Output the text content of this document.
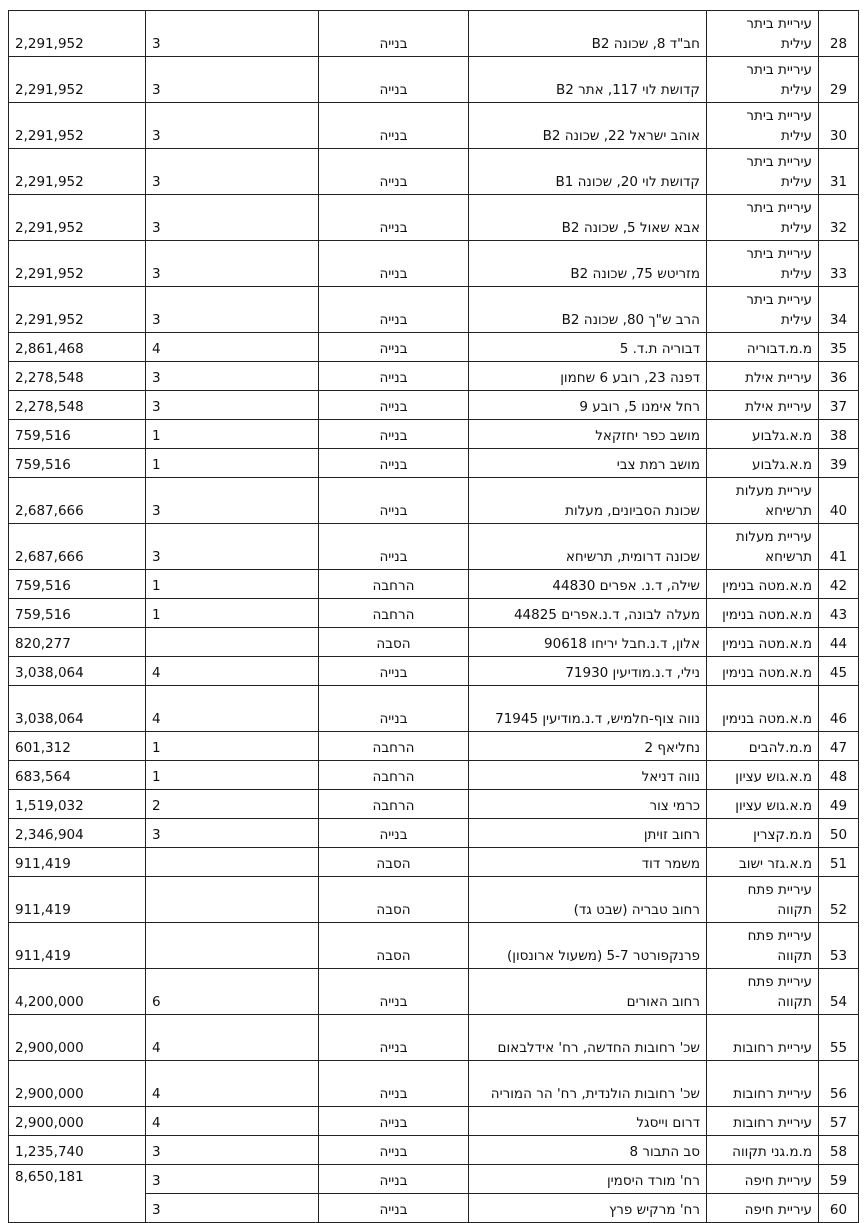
28	עיריית ביתר עילית	חב"ד 8, שכונה B2	בנייה	3	2,291,952
29	עיריית ביתר עילית	קדושת לוי 117, אתר B2	בנייה	3	2,291,952
30	עיריית ביתר עילית	אוהב ישראל 22, שכונה B2	בנייה	3	2,291,952
31	עיריית ביתר עילית	קדושת לוי 20, שכונה B1	בנייה	3	2,291,952
32	עיריית ביתר עילית	אבא שאול 5, שכונה B2	בנייה	3	2,291,952
33	עיריית ביתר עילית	מזריטש 75, שכונה B2	בנייה	3	2,291,952
34	עיריית ביתר עילית	הרב ש"ך 80, שכונה B2	בנייה	3	2,291,952
35	מ.מ.דבוריה	דבוריה ת.ד. 5	בנייה	4	2,861,468
36	עיריית אילת	דפנה 23, רובע 6 שחמון	בנייה	3	2,278,548
37	עיריית אילת	רחל אימנו 5, רובע 9	בנייה	3	2,278,548
38	מ.א.גלבוע	מושב כפר יחזקאל	בנייה	1	759,516
39	מ.א.גלבוע	מושב רמת צבי	בנייה	1	759,516
40	עיריית מעלות תרשיחא	שכונת הסביונים, מעלות	בנייה	3	2,687,666
41	עיריית מעלות תרשיחא	שכונה דרומית, תרשיחא	בנייה	3	2,687,666
42	מ.א.מטה בנימין	שילה, ד.נ. אפרים 44830	הרחבה	1	759,516
43	מ.א.מטה בנימין	מעלה לבונה, ד.נ.אפרים 44825	הרחבה	1	759,516
44	מ.א.מטה בנימין	אלון, ד.נ.חבל יריחו 90618	הסבה		820,277
45	מ.א.מטה בנימין	נילי, ד.נ.מודיעין 71930	בנייה	4	3,038,064
46	מ.א.מטה בנימין	נווה צוף-חלמיש, ד.נ.מודיעין 71945	בנייה	4	3,038,064
47	מ.מ.להבים	נחליאף 2	הרחבה	1	601,312
48	מ.א.גוש עציון	נווה דניאל	הרחבה	1	683,564
49	מ.א.גוש עציון	כרמי צור	הרחבה	2	1,519,032
50	מ.מ.קצרין	רחוב זויתן	בנייה	3	2,346,904
51	מ.א.גזר ישוב	משמר דוד	הסבה		911,419
52	עיריית פתח תקווה	רחוב טבריה (שבט גד)	הסבה		911,419
53	עיריית פתח תקווה	פרנקפורטר 5-7 (משעול ארונסון)	הסבה		911,419
54	עיריית פתח תקווה	רחוב האורים	בנייה	6	4,200,000
55	עיריית רחובות	שכ' רחובות החדשה, רח' אידלבאום	בנייה	4	2,900,000
56	עיריית רחובות	שכ' רחובות הולנדית, רח' הר המוריה	בנייה	4	2,900,000
57	עיריית רחובות	דרום וייסגל	בנייה	4	2,900,000
58	מ.מ.גני תקווה	סב התבור 8	בנייה	3	1,235,740
59	עיריית חיפה	רח' מורד היסמין	בנייה	3	8,650,181
60	עיריית חיפה	רח' מרקיש פרץ	בנייה	3	
